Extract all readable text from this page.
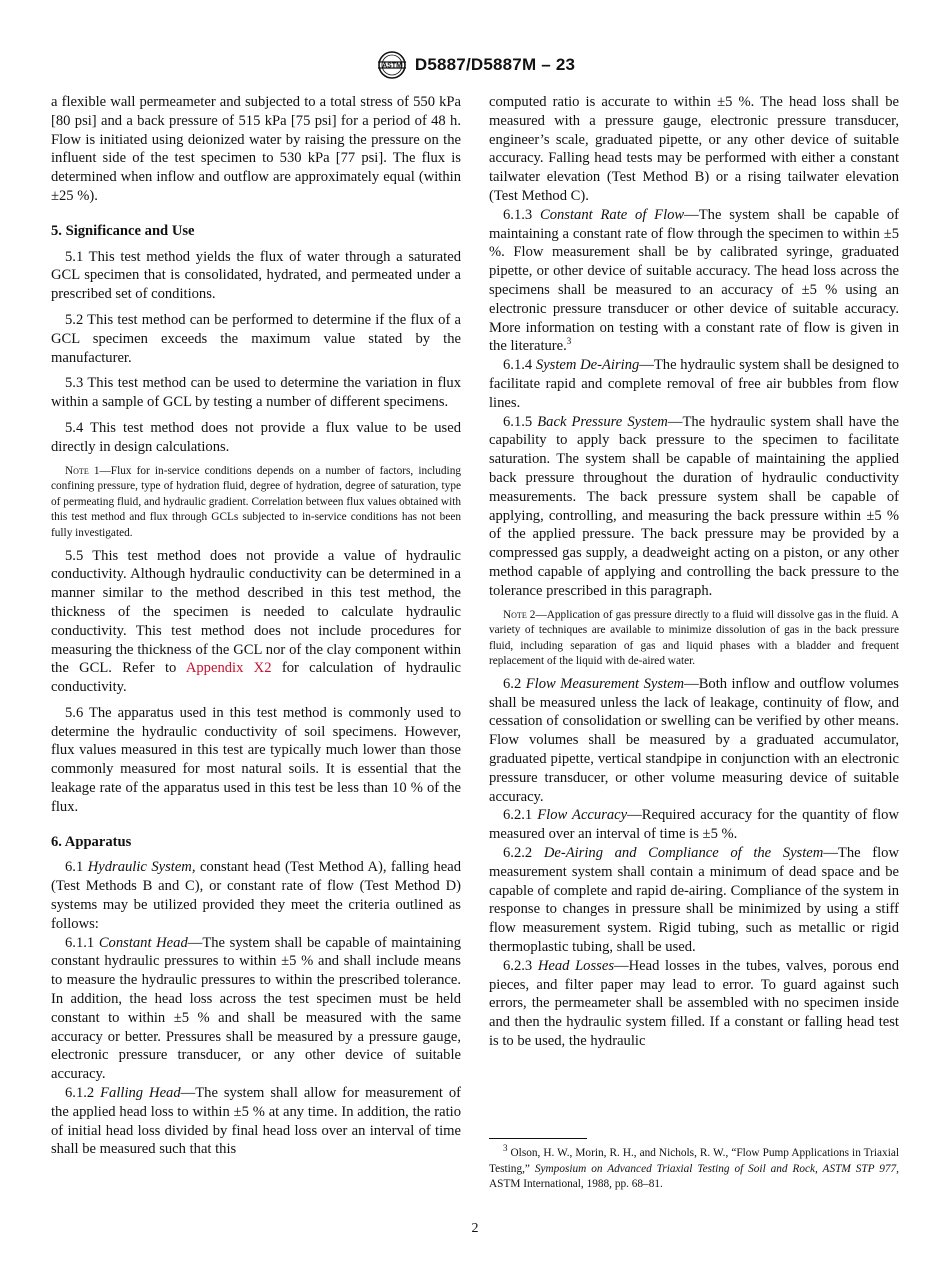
ASTM D5887/D5887M – 23

a flexible wall permeameter and subjected to a total stress of 550 kPa [80 psi] and a back pressure of 515 kPa [75 psi] for a period of 48 h. Flow is initiated using deionized water by raising the pressure on the influent side of the test specimen to 530 kPa [77 psi]. The flux is determined when inflow and outflow are approximately equal (within ±25 %).

5. Significance and Use

5.1 This test method yields the flux of water through a saturated GCL specimen that is consolidated, hydrated, and permeated under a prescribed set of conditions.

5.2 This test method can be performed to determine if the flux of a GCL specimen exceeds the maximum value stated by the manufacturer.

5.3 This test method can be used to determine the variation in flux within a sample of GCL by testing a number of different specimens.

5.4 This test method does not provide a flux value to be used directly in design calculations.

Note 1—Flux for in-service conditions depends on a number of factors, including confining pressure, type of hydration fluid, degree of hydration, degree of saturation, type of permeating fluid, and hydraulic gradient. Correlation between flux values obtained with this test method and flux through GCLs subjected to in-service conditions has not been fully investigated.

5.5 This test method does not provide a value of hydraulic conductivity. Although hydraulic conductivity can be determined in a manner similar to the method described in this test method, the thickness of the specimen is needed to calculate hydraulic conductivity. This test method does not include procedures for measuring the thickness of the GCL nor of the clay component within the GCL. Refer to Appendix X2 for calculation of hydraulic conductivity.

5.6 The apparatus used in this test method is commonly used to determine the hydraulic conductivity of soil specimens. However, flux values measured in this test are typically much lower than those commonly measured for most natural soils. It is essential that the leakage rate of the apparatus used in this test be less than 10 % of the flux.

6. Apparatus

6.1 Hydraulic System, constant head (Test Method A), falling head (Test Methods B and C), or constant rate of flow (Test Method D) systems may be utilized provided they meet the criteria outlined as follows:

6.1.1 Constant Head—The system shall be capable of maintaining constant hydraulic pressures to within ±5 % and shall include means to measure the hydraulic pressures to within the prescribed tolerance. In addition, the head loss across the test specimen must be held constant to within ±5 % and shall be measured with the same accuracy or better. Pressures shall be measured by a pressure gauge, electronic pressure transducer, or any other device of suitable accuracy.

6.1.2 Falling Head—The system shall allow for measurement of the applied head loss to within ±5 % at any time. In addition, the ratio of initial head loss divided by final head loss over an interval of time shall be measured such that this

computed ratio is accurate to within ±5 %. The head loss shall be measured with a pressure gauge, electronic pressure transducer, engineer’s scale, graduated pipette, or any other device of suitable accuracy. Falling head tests may be performed with either a constant tailwater elevation (Test Method B) or a rising tailwater elevation (Test Method C).

6.1.3 Constant Rate of Flow—The system shall be capable of maintaining a constant rate of flow through the specimen to within ±5 %. Flow measurement shall be by calibrated syringe, graduated pipette, or other device of suitable accuracy. The head loss across the specimens shall be measured to an accuracy of ±5 % using an electronic pressure transducer or other device of suitable accuracy. More information on testing with a constant rate of flow is given in the literature.$^3$

6.1.4 System De-Airing—The hydraulic system shall be designed to facilitate rapid and complete removal of free air bubbles from flow lines.

6.1.5 Back Pressure System—The hydraulic system shall have the capability to apply back pressure to the specimen to facilitate saturation. The system shall be capable of maintaining the applied back pressure throughout the duration of hydraulic conductivity measurements. The back pressure system shall be capable of applying, controlling, and measuring the back pressure within ±5 % of the applied pressure. The back pressure may be provided by a compressed gas supply, a deadweight acting on a piston, or any other method capable of applying and controlling the back pressure to the tolerance prescribed in this paragraph.

Note 2—Application of gas pressure directly to a fluid will dissolve gas in the fluid. A variety of techniques are available to minimize dissolution of gas in the back pressure fluid, including separation of gas and liquid phases with a bladder and frequent replacement of the liquid with de-aired water.

6.2 Flow Measurement System—Both inflow and outflow volumes shall be measured unless the lack of leakage, continuity of flow, and cessation of consolidation or swelling can be verified by other means. Flow volumes shall be measured by a graduated accumulator, graduated pipette, vertical standpipe in conjunction with an electronic pressure transducer, or other volume measuring device of suitable accuracy.

6.2.1 Flow Accuracy—Required accuracy for the quantity of flow measured over an interval of time is ±5 %.

6.2.2 De-Airing and Compliance of the System—The flow measurement system shall contain a minimum of dead space and be capable of complete and rapid de-airing. Compliance of the system in response to changes in pressure shall be minimized by using a stiff flow measurement system. Rigid tubing, such as metallic or rigid thermoplastic tubing, shall be used.

6.2.3 Head Losses—Head losses in the tubes, valves, porous end pieces, and filter paper may lead to error. To guard against such errors, the permeameter shall be assembled with no specimen inside and then the hydraulic system filled. If a constant or falling head test is to be used, the hydraulic

$^3$ Olson, H. W., Morin, R. H., and Nichols, R. W., “Flow Pump Applications in Triaxial Testing,” Symposium on Advanced Triaxial Testing of Soil and Rock, ASTM STP 977, ASTM International, 1988, pp. 68–81.

2
